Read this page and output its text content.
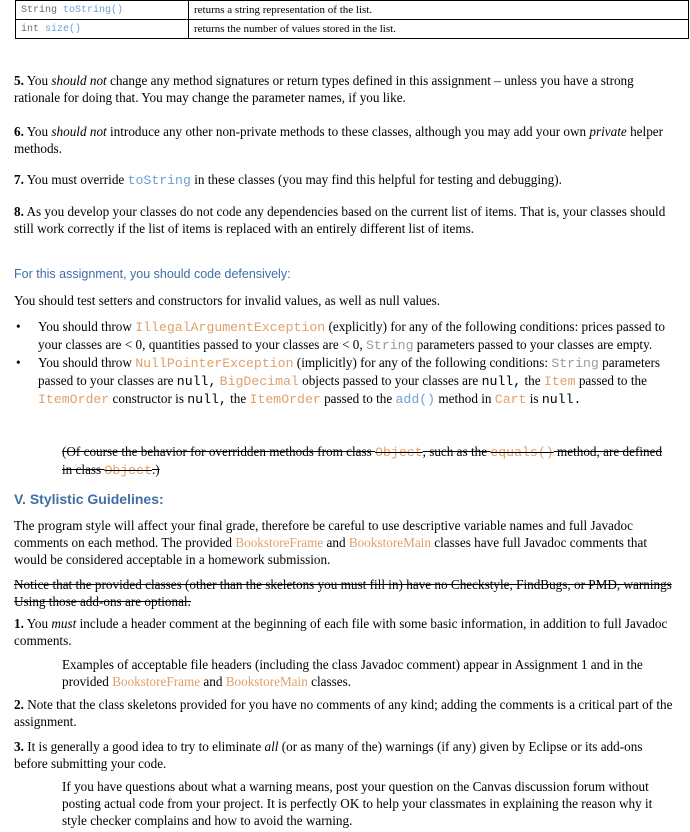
String toString()	returns a string representation of the list.
int size()	returns the number of values stored in the list.
5. You should not change any method signatures or return types defined in this assignment – unless you have a strong rationale for doing that. You may change the parameter names, if you like.
6. You should not introduce any other non-private methods to these classes, although you may add your own private helper methods.
7. You must override toString in these classes (you may find this helpful for testing and debugging).
8. As you develop your classes do not code any dependencies based on the current list of items. That is, your classes should still work correctly if the list of items is replaced with an entirely different list of items.
For this assignment, you should code defensively:
You should test setters and constructors for invalid values, as well as null values.
• You should throw IllegalArgumentException (explicitly) for any of the following conditions: prices passed to your classes are < 0, quantities passed to your classes are < 0, String parameters passed to your classes are empty.
• You should throw NullPointerException (implicitly) for any of the following conditions: String parameters passed to your classes are null, BigDecimal objects passed to your classes are null, the Item passed to the ItemOrder constructor is null, the ItemOrder passed to the add() method in Cart is null.
(Of course the behavior for overridden methods from class Object, such as the equals() method, are defined in class Object.)
V. Stylistic Guidelines:
The program style will affect your final grade, therefore be careful to use descriptive variable names and full Javadoc comments on each method. The provided BookstoreFrame and BookstoreMain classes have full Javadoc comments that would be considered acceptable in a homework submission.
Notice that the provided classes (other than the skeletons you must fill in) have no Checkstyle, FindBugs, or PMD, warnings Using those add-ons are optional.
1. You must include a header comment at the beginning of each file with some basic information, in addition to full Javadoc comments.
Examples of acceptable file headers (including the class Javadoc comment) appear in Assignment 1 and in the provided BookstoreFrame and BookstoreMain classes.
2. Note that the class skeletons provided for you have no comments of any kind; adding the comments is a critical part of the assignment.
3. It is generally a good idea to try to eliminate all (or as many of the) warnings (if any) given by Eclipse or its add-ons before submitting your code.
If you have questions about what a warning means, post your question on the Canvas discussion forum without posting actual code from your project. It is perfectly OK to help your classmates in explaining the reason why it style checker complains and how to avoid the warning.
